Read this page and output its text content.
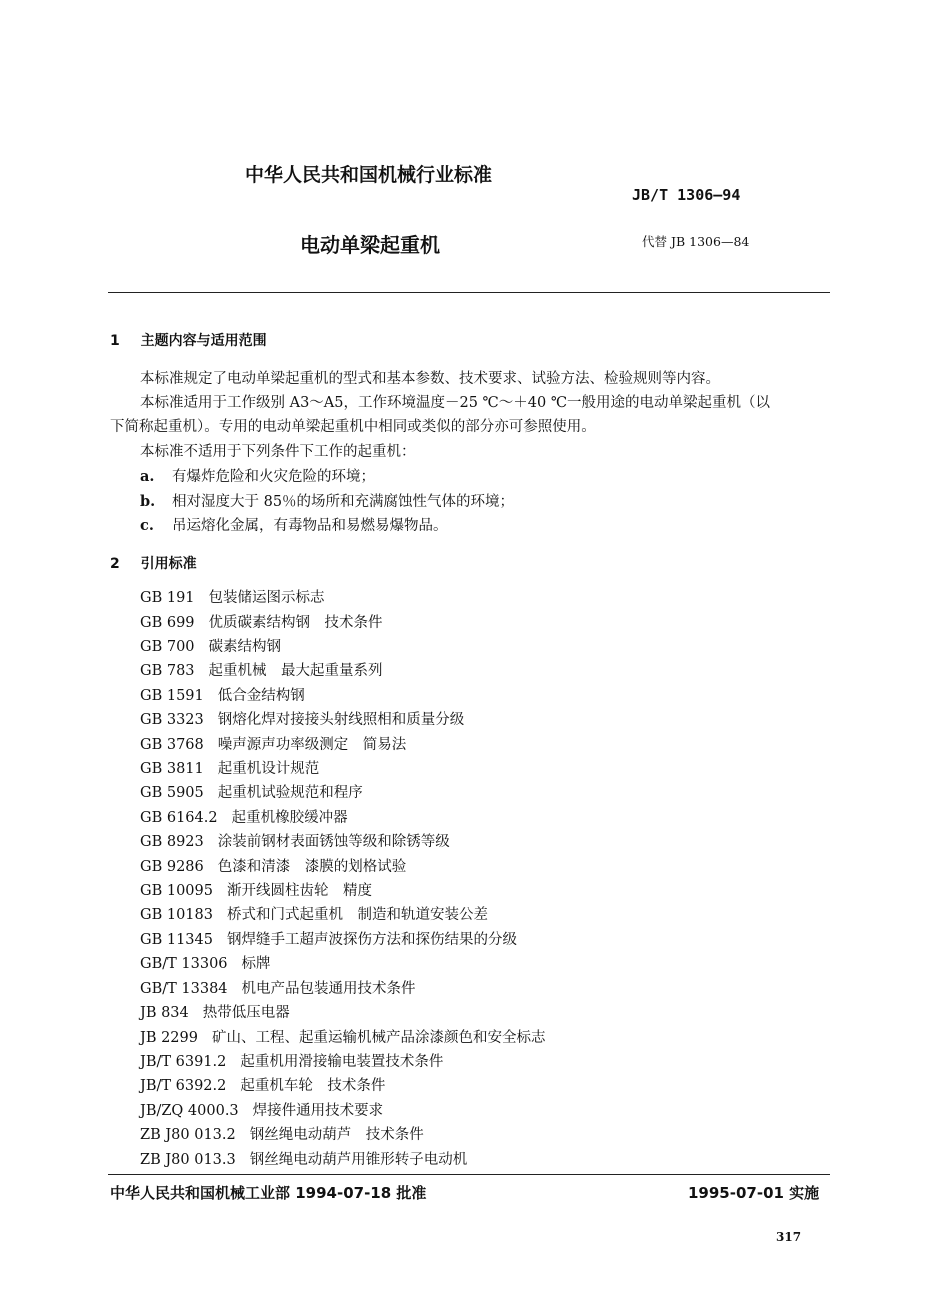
中华人民共和国机械行业标准
JB/T 1306—94
电动单梁起重机	代替 JB 1306—84
1 主题内容与适用范围
本标准规定了电动单梁起重机的型式和基本参数、技术要求、试验方法、检验规则等内容。
本标准适用于工作级别 A3～A5，工作环境温度－25 ℃～＋40 ℃一般用途的电动单梁起重机（以
下简称起重机）。专用的电动单梁起重机中相同或类似的部分亦可参照使用。
本标准不适用于下列条件下工作的起重机：
a. 有爆炸危险和火灾危险的环境；
b. 相对湿度大于 85％的场所和充满腐蚀性气体的环境；
c. 吊运熔化金属，有毒物品和易燃易爆物品。
2 引用标准
GB 191 包装储运图示标志
GB 699 优质碳素结构钢　技术条件
GB 700 碳素结构钢
GB 783 起重机械　最大起重量系列
GB 1591 低合金结构钢
GB 3323 钢熔化焊对接接头射线照相和质量分级
GB 3768 噪声源声功率级测定　简易法
GB 3811 起重机设计规范
GB 5905 起重机试验规范和程序
GB 6164.2 起重机橡胶缓冲器
GB 8923 涂装前钢材表面锈蚀等级和除锈等级
GB 9286 色漆和清漆　漆膜的划格试验
GB 10095 渐开线圆柱齿轮　精度
GB 10183 桥式和门式起重机　制造和轨道安装公差
GB 11345 钢焊缝手工超声波探伤方法和探伤结果的分级
GB/T 13306 标牌
GB/T 13384 机电产品包装通用技术条件
JB 834 热带低压电器
JB 2299 矿山、工程、起重运输机械产品涂漆颜色和安全标志
JB/T 6391.2 起重机用滑接输电装置技术条件
JB/T 6392.2 起重机车轮　技术条件
JB/ZQ 4000.3 焊接件通用技术要求
ZB J80 013.2 钢丝绳电动葫芦　技术条件
ZB J80 013.3 钢丝绳电动葫芦用锥形转子电动机
中华人民共和国机械工业部 1994-07-18 批准	1995-07-01 实施
317
